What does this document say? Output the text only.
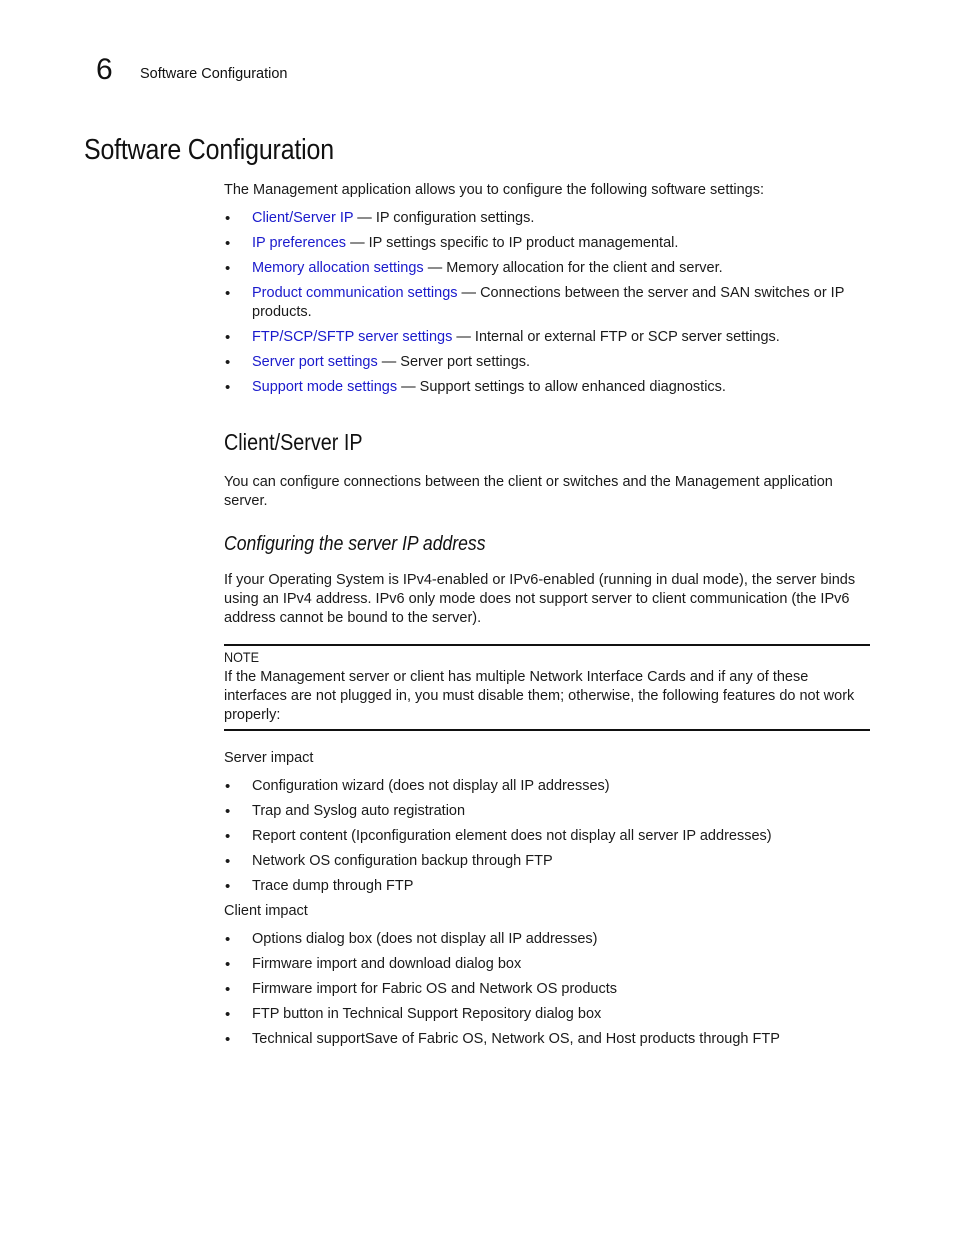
6 Software Configuration
Software Configuration

The Management application allows you to configure the following software settings:

• Client/Server IP — IP configuration settings.
• IP preferences — IP settings specific to IP product managemental.
• Memory allocation settings — Memory allocation for the client and server.
• Product communication settings — Connections between the server and SAN switches or IP products.
• FTP/SCP/SFTP server settings — Internal or external FTP or SCP server settings.
• Server port settings — Server port settings.
• Support mode settings — Support settings to allow enhanced diagnostics.
Client/Server IP

You can configure connections between the client or switches and the Management application server.

Configuring the server IP address

If your Operating System is IPv4-enabled or IPv6-enabled (running in dual mode), the server binds using an IPv4 address. IPv6 only mode does not support server to client communication (the IPv6 address cannot be bound to the server).

NOTE

If the Management server or client has multiple Network Interface Cards and if any of these interfaces are not plugged in, you must disable them; otherwise, the following features do not work properly:

Server impact

• Configuration wizard (does not display all IP addresses)
• Trap and Syslog auto registration
• Report content (Ipconfiguration element does not display all server IP addresses)
• Network OS configuration backup through FTP
• Trace dump through FTP

Client impact

• Options dialog box (does not display all IP addresses)
• Firmware import and download dialog box
• Firmware import for Fabric OS and Network OS products
• FTP button in Technical Support Repository dialog box
• Technical supportSave of Fabric OS, Network OS, and Host products through FTP
